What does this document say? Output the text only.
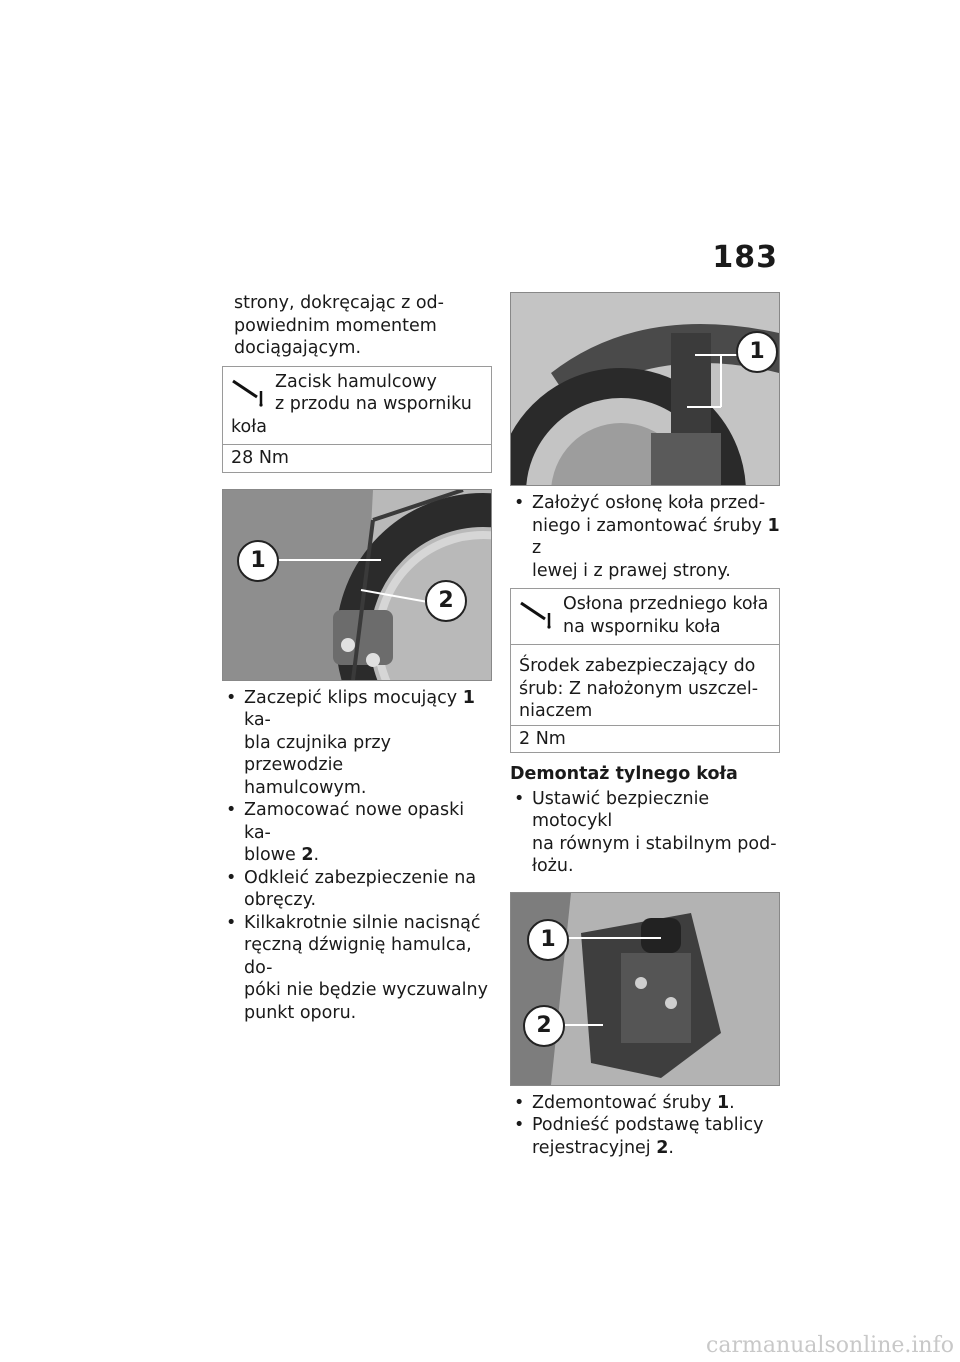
183

strony, dokręcając z od-

powiednim momentem

dociągającym.

Zacisk hamulcowy
z przodu na wsporniku
koła
28 Nm
1
2
• Zaczepić klips mocujący 1 ka-
bla czujnika przy przewodzie
hamulcowym.
• Zamocować nowe opaski ka-
blowe 2.
• Odkleić zabezpieczenie na
obręczy.
• Kilkakrotnie silnie nacisnąć
ręczną dźwignię hamulca, do-
póki nie będzie wyczuwalny
punkt oporu.
1
• Założyć osłonę koła przed-
niego i zamontować śruby 1 z
lewej i z prawej strony.
Osłona przedniego koła
na wsporniku koła
Środek zabezpieczający do
śrub: Z nałożonym uszczel-
niaczem
2 Nm
Demontaż tylnego koła
• Ustawić bezpiecznie motocykl
na równym i stabilnym pod-
łożu.
1
2
• Zdemontować śruby 1.
• Podnieść podstawę tablicy
rejestracyjnej 2.
carmanualsonline.info
